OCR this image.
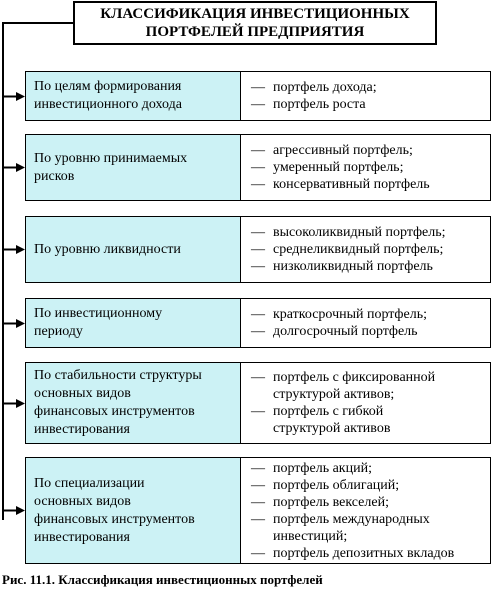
КЛАССИФИКАЦИЯ ИНВЕСТИЦИОННЫХ
ПОРТФЕЛЕЙ ПРЕДПРИЯТИЯ
По целям формирования
инвестиционного дохода
— портфель дохода;
— портфель роста
По уровню принимаемых
рисков
— агрессивный портфель;
— умеренный портфель;
— консервативный портфель
По уровню ликвидности
— высоколиквидный портфель;
— среднеликвидный портфель;
— низколиквидный портфель
По инвестиционному
периоду
— краткосрочный портфель;
— долгосрочный портфель
По стабильности структуры
основных видов
финансовых инструментов
инвестирования
— портфель с фиксированной
структурой активов;
— портфель с гибкой
структурой активов
По специализации
основных видов
финансовых инструментов
инвестирования
— портфель акций;
— портфель облигаций;
— портфель векселей;
— портфель международных
инвестиций;
— портфель депозитных вкладов
Рис. 11.1. Классификация инвестиционных портфелей
